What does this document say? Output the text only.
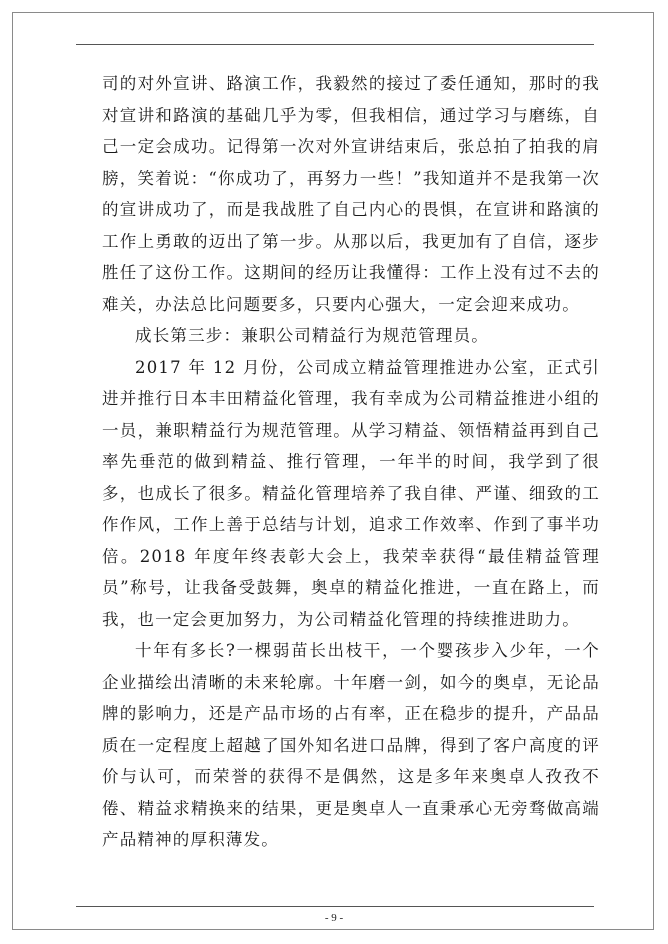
司的对外宣讲、路演工作，我毅然的接过了委任通知，那时的我对宣讲和路演的基础几乎为零，但我相信，通过学习与磨练，自己一定会成功。记得第一次对外宣讲结束后，张总拍了拍我的肩膀，笑着说：“你成功了，再努力一些！”我知道并不是我第一次的宣讲成功了，而是我战胜了自己内心的畏惧，在宣讲和路演的工作上勇敢的迈出了第一步。从那以后，我更加有了自信，逐步胜任了这份工作。这期间的经历让我懂得：工作上没有过不去的难关，办法总比问题要多，只要内心强大，一定会迎来成功。

成长第三步：兼职公司精益行为规范管理员。

2017 年 12 月份，公司成立精益管理推进办公室，正式引进并推行日本丰田精益化管理，我有幸成为公司精益推进小组的一员，兼职精益行为规范管理。从学习精益、领悟精益再到自己率先垂范的做到精益、推行管理，一年半的时间，我学到了很多，也成长了很多。精益化管理培养了我自律、严谨、细致的工作作风，工作上善于总结与计划，追求工作效率、作到了事半功倍。2018 年度年终表彰大会上，我荣幸获得“最佳精益管理员”称号，让我备受鼓舞，奥卓的精益化推进，一直在路上，而我，也一定会更加努力，为公司精益化管理的持续推进助力。

十年有多长?一棵弱苗长出枝干，一个婴孩步入少年，一个企业描绘出清晰的未来轮廓。十年磨一剑，如今的奥卓，无论品牌的影响力，还是产品市场的占有率，正在稳步的提升，产品品质在一定程度上超越了国外知名进口品牌，得到了客户高度的评价与认可，而荣誉的获得不是偶然，这是多年来奥卓人孜孜不倦、精益求精换来的结果，更是奥卓人一直秉承心无旁骛做高端产品精神的厚积薄发。

- 9 -
